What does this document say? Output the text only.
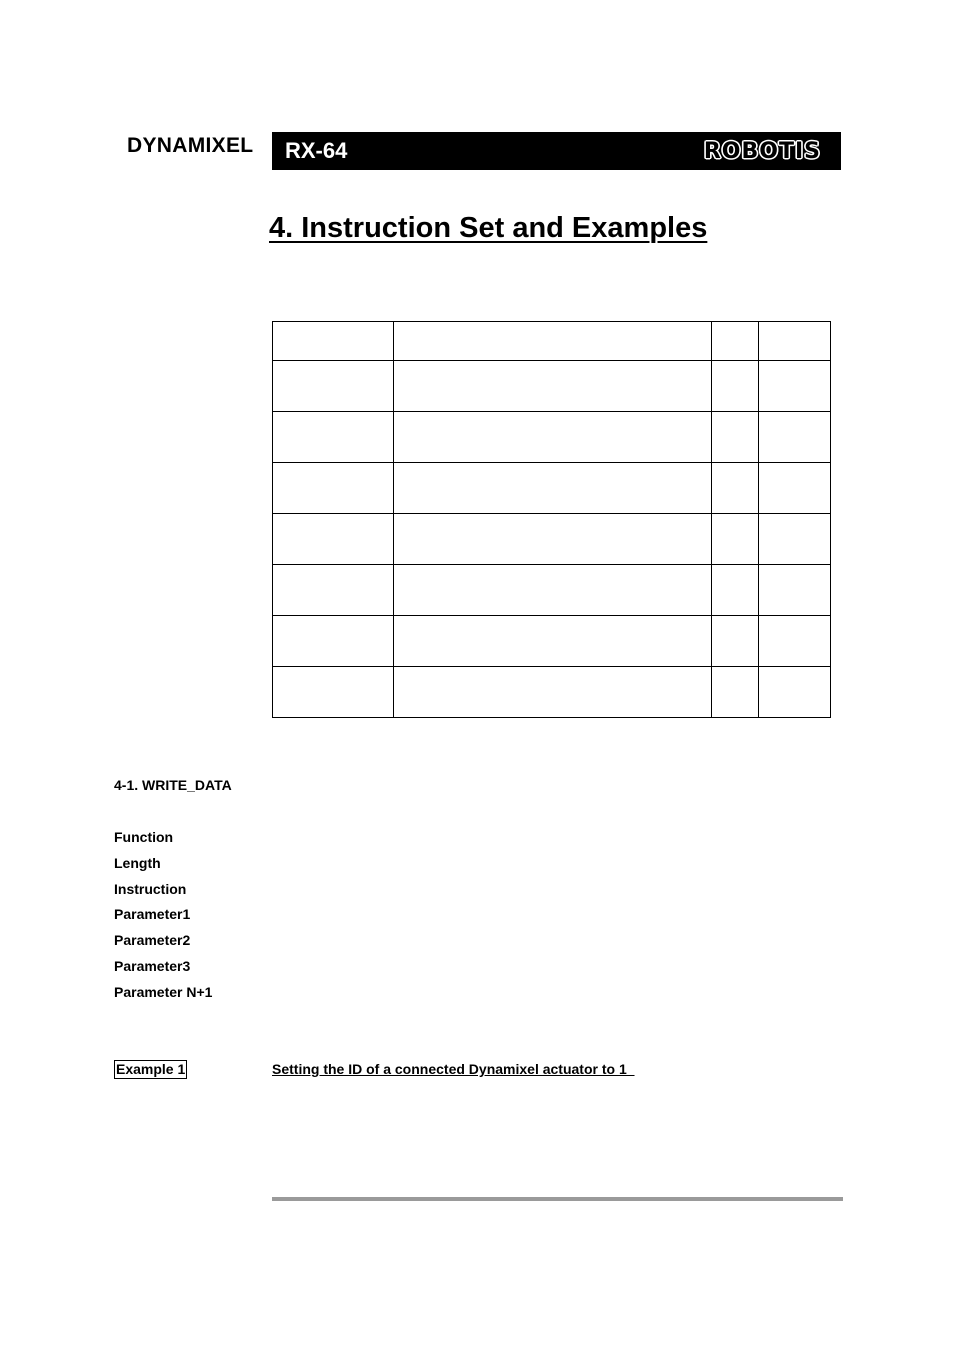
DYNAMIXEL RX-64	ROBOTIS
4. Instruction Set and Examples

4-1. WRITE_DATA
Function
Length
Instruction
Parameter1
Parameter2
Parameter3
Parameter N+1
Example 1	Setting the ID of a connected Dynamixel actuator to 1
